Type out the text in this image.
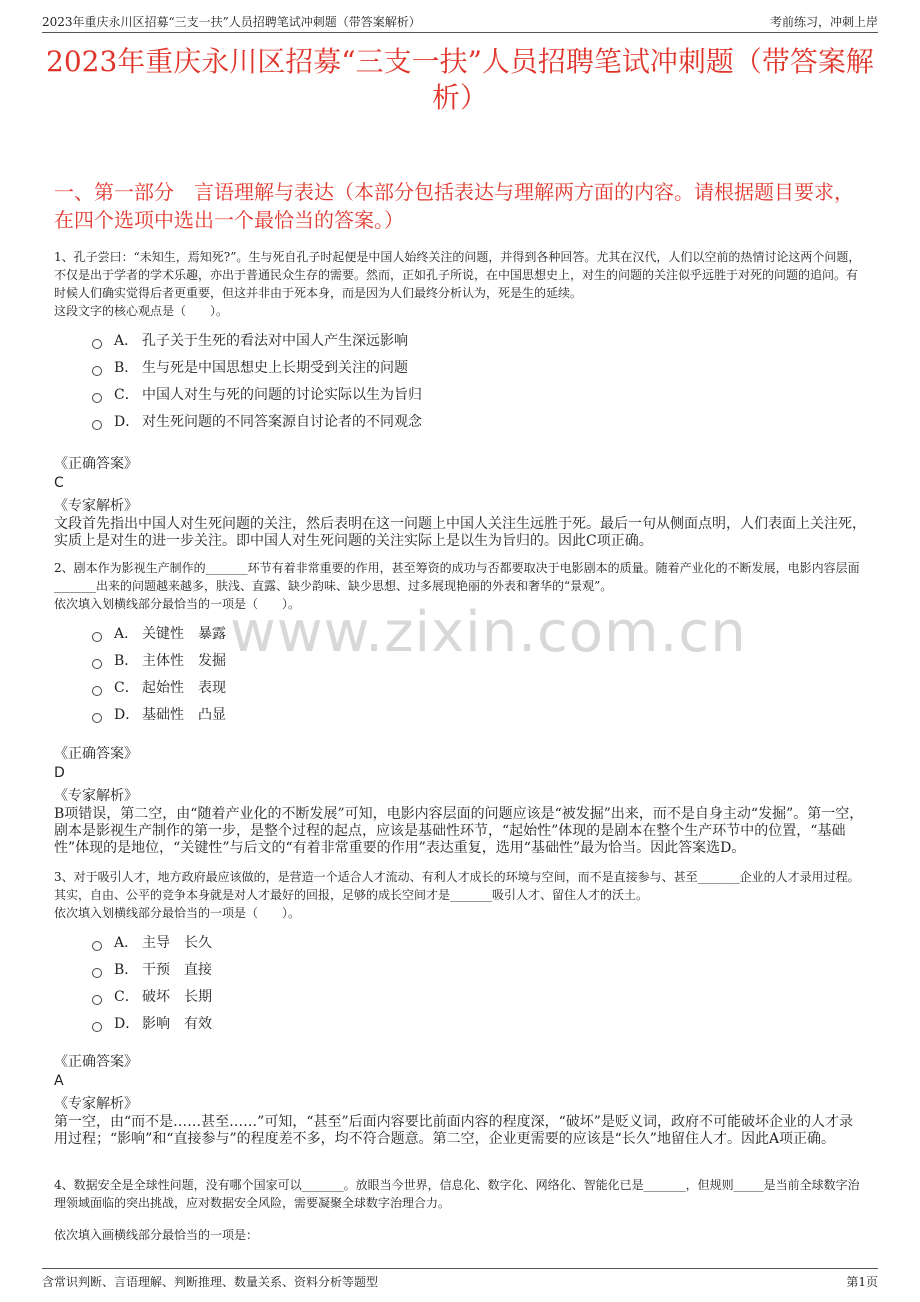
2023年重庆永川区招募“三支一扶”人员招聘笔试冲刺题（带答案解析）	考前练习，冲刺上岸
2023年重庆永川区招募“三支一扶”人员招聘笔试冲刺题（带答案解析）
一、第一部分　言语理解与表达（本部分包括表达与理解两方面的内容。请根据题目要求，在四个选项中选出一个最恰当的答案。）
www.zixin.com.cn
1、孔子尝曰：“未知生，焉知死?”。生与死自孔子时起便是中国人始终关注的问题，并得到各种回答。尤其在汉代，人们以空前的热情讨论这两个问题，不仅是出于学者的学术乐趣，亦出于普通民众生存的需要。然而，正如孔子所说，在中国思想史上，对生的问题的关注似乎远胜于对死的问题的追问。有时候人们确实觉得后者更重要，但这并非由于死本身，而是因为人们最终分析认为，死是生的延续。
这段文字的核心观点是（　　）。
A． 孔子关于生死的看法对中国人产生深远影响
B． 生与死是中国思想史上长期受到关注的问题
C． 中国人对生与死的问题的讨论实际以生为旨归
D． 对生死问题的不同答案源自讨论者的不同观念
《正确答案》
C
《专家解析》
文段首先指出中国人对生死问题的关注，然后表明在这一问题上中国人关注生远胜于死。最后一句从侧面点明，人们表面上关注死，实质上是对生的进一步关注。即中国人对生死问题的关注实际上是以生为旨归的。因此C项正确。
2、剧本作为影视生产制作的_______环节有着非常重要的作用，甚至筹资的成功与否都要取决于电影剧本的质量。随着产业化的不断发展，电影内容层面_______出来的问题越来越多，肤浅、直露、缺少韵味、缺少思想、过多展现艳丽的外表和奢华的“景观”。
依次填入划横线部分最恰当的一项是（　　）。
A． 关键性　暴露
B． 主体性　发掘
C． 起始性　表现
D． 基础性　凸显
《正确答案》
D
《专家解析》
B项错误，第二空，由“随着产业化的不断发展”可知，电影内容层面的问题应该是“被发掘”出来，而不是自身主动“发掘”。第一空，剧本是影视生产制作的第一步，是整个过程的起点，应该是基础性环节，“起始性”体现的是剧本在整个生产环节中的位置，“基础性”体现的是地位，“关键性”与后文的“有着非常重要的作用”表达重复，选用“基础性”最为恰当。因此答案选D。
3、对于吸引人才，地方政府最应该做的，是营造一个适合人才流动、有利人才成长的环境与空间，而不是直接参与、甚至_______企业的人才录用过程。其实，自由、公平的竞争本身就是对人才最好的回报，足够的成长空间才是_______吸引人才、留住人才的沃土。
依次填入划横线部分最恰当的一项是（　　）。
A． 主导　长久
B． 干预　直接
C． 破坏　长期
D． 影响　有效
《正确答案》
A
《专家解析》
第一空，由“而不是……甚至……”可知，“甚至”后面内容要比前面内容的程度深，“破坏”是贬义词，政府不可能破坏企业的人才录用过程；“影响”和“直接参与”的程度差不多，均不符合题意。第二空，企业更需要的应该是“长久”地留住人才。因此A项正确。
4、数据安全是全球性问题，没有哪个国家可以_______。放眼当今世界，信息化、数字化、网络化、智能化已是_______，但规则_____是当前全球数字治理领域面临的突出挑战，应对数据安全风险，需要凝聚全球数字治理合力。
依次填入画横线部分最恰当的一项是：
含常识判断、言语理解、判断推理、数量关系、资料分析等题型	第1页
